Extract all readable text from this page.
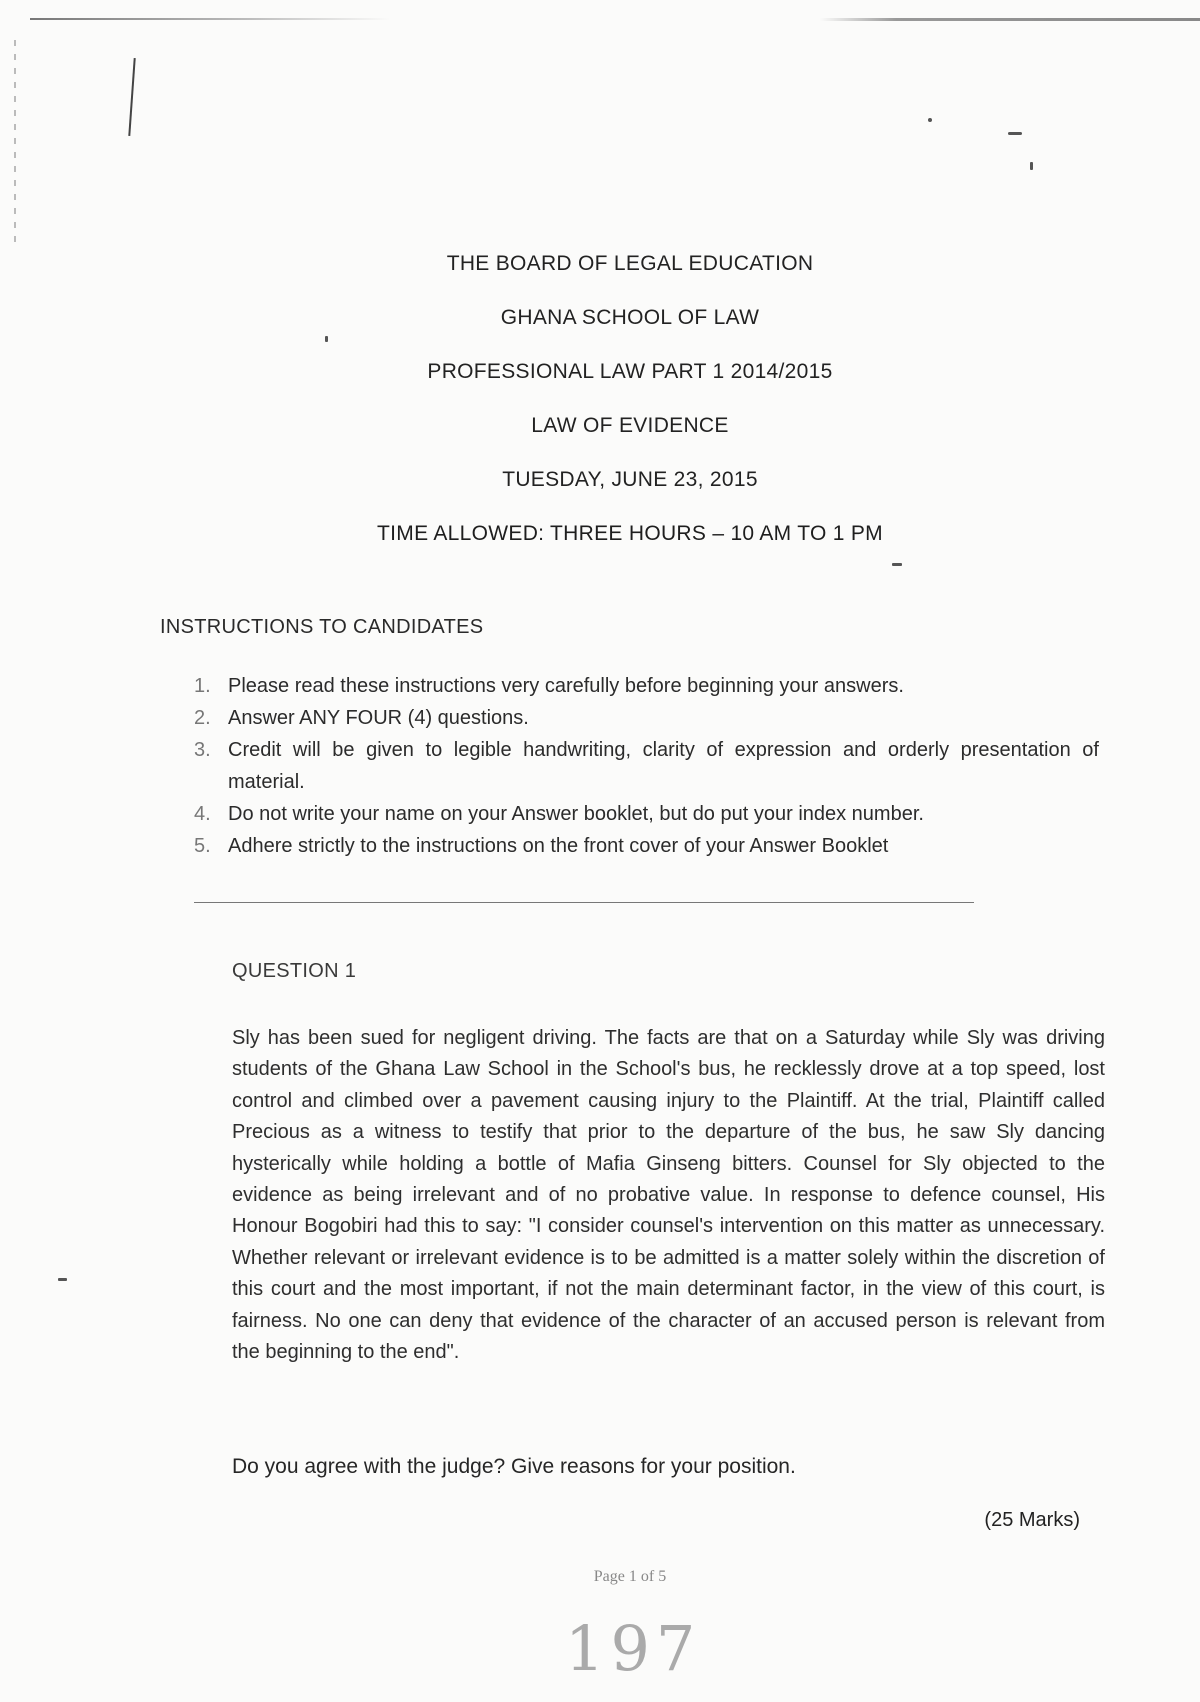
THE BOARD OF LEGAL EDUCATION

GHANA SCHOOL OF LAW

PROFESSIONAL LAW PART 1 2014/2015

LAW OF EVIDENCE

TUESDAY, JUNE 23, 2015

TIME ALLOWED: THREE HOURS – 10 AM TO 1 PM

INSTRUCTIONS TO CANDIDATES

1. Please read these instructions very carefully before beginning your answers.
2. Answer ANY FOUR (4) questions.
3. Credit will be given to legible handwriting, clarity of expression and orderly presentation of material.
4. Do not write your name on your Answer booklet, but do put your index number.
5. Adhere strictly to the instructions on the front cover of your Answer Booklet

QUESTION 1

Sly has been sued for negligent driving. The facts are that on a Saturday while Sly was driving students of the Ghana Law School in the School's bus, he recklessly drove at a top speed, lost control and climbed over a pavement causing injury to the Plaintiff. At the trial, Plaintiff called Precious as a witness to testify that prior to the departure of the bus, he saw Sly dancing hysterically while holding a bottle of Mafia Ginseng bitters. Counsel for Sly objected to the evidence as being irrelevant and of no probative value. In response to defence counsel, His Honour Bogobiri had this to say: "I consider counsel's intervention on this matter as unnecessary. Whether relevant or irrelevant evidence is to be admitted is a matter solely within the discretion of this court and the most important, if not the main determinant factor, in the view of this court, is fairness. No one can deny that evidence of the character of an accused person is relevant from the beginning to the end".

Do you agree with the judge? Give reasons for your position.

(25 Marks)

Page 1 of 5

197
